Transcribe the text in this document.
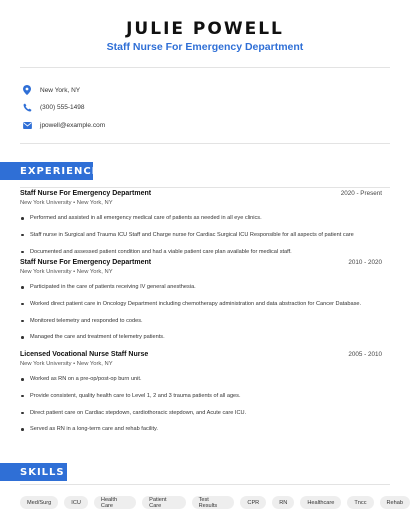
JULIE POWELL
Staff Nurse For Emergency Department
New York, NY
(300) 555-1498
jpowell@example.com
EXPERIENCE
Staff Nurse For Emergency Department	2020 - Present
New York University • New York, NY
Performed and assisted in all emergency medical care of patients as needed in all eye clinics.
Staff nurse in Surgical and Trauma ICU Staff and Charge nurse for Cardiac Surgical ICU Responsible for all aspects of patient care
Documented and assessed patient condition and had a viable patient care plan available for medical staff.
Staff Nurse For Emergency Department	2010 - 2020
New York University • New York, NY
Participated in the care of patients receiving IV general anesthesia.
Worked direct patient care in Oncology Department including chemotherapy administration and data abstraction for Cancer Database.
Monitored telemetry and responded to codes.
Managed the care and treatment of telemetry patients.
Licensed Vocational Nurse Staff Nurse	2005 - 2010
New York University • New York, NY
Worked as RN on a pre-op/post-op burn unit.
Provide consistent, quality health care to Level 1, 2 and 3 trauma patients of all ages.
Direct patient care on Cardiac stepdown, cardiothoracic stepdown, and Acute care ICU.
Served as RN in a long-term care and rehab facility.
SKILLS
Med/Surg	ICU	Health Care
Patient Care
Test Results	CPR	RN	Healthcare	Tncc	Rehab
